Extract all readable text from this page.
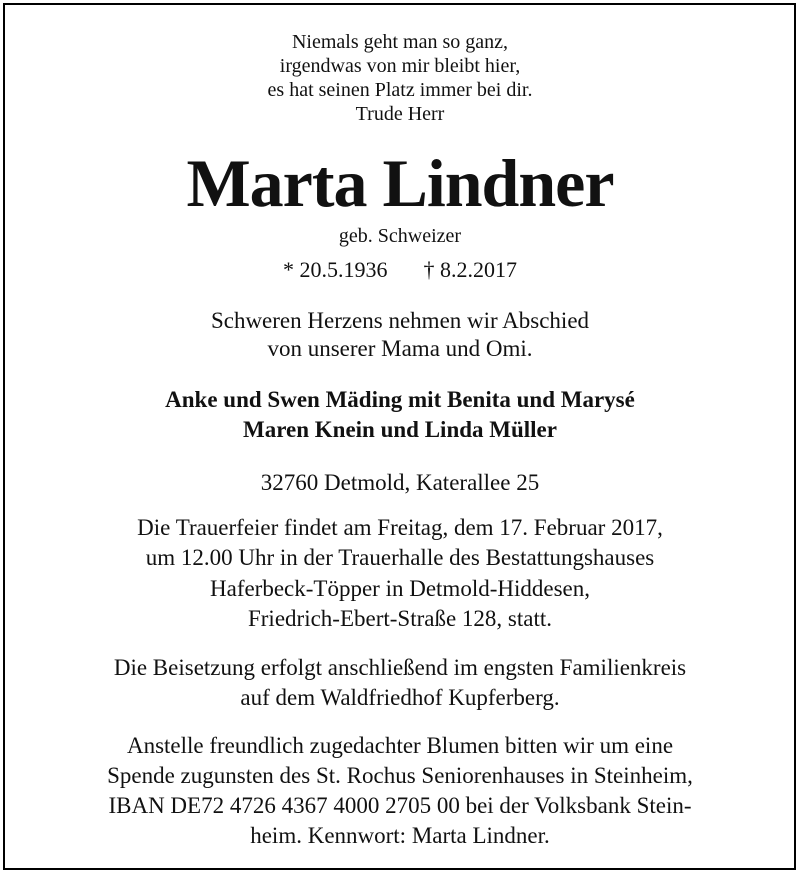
Niemals geht man so ganz,
irgendwas von mir bleibt hier,
es hat seinen Platz immer bei dir.
Trude Herr
Marta Lindner
geb. Schweizer
* 20.5.1936 † 8.2.2017
Schweren Herzens nehmen wir Abschied
von unserer Mama und Omi.
Anke und Swen Mäding mit Benita und Marysé
Maren Knein und Linda Müller
32760 Detmold, Katerallee 25
Die Trauerfeier findet am Freitag, dem 17. Februar 2017,
um 12.00 Uhr in der Trauerhalle des Bestattungshauses
Haferbeck-Töpper in Detmold-Hiddesen,
Friedrich-Ebert-Straße 128, statt.
Die Beisetzung erfolgt anschließend im engsten Familienkreis
auf dem Waldfriedhof Kupferberg.
Anstelle freundlich zugedachter Blumen bitten wir um eine
Spende zugunsten des St. Rochus Seniorenhauses in Steinheim,
IBAN DE72 4726 4367 4000 2705 00 bei der Volksbank Stein-
heim. Kennwort: Marta Lindner.
